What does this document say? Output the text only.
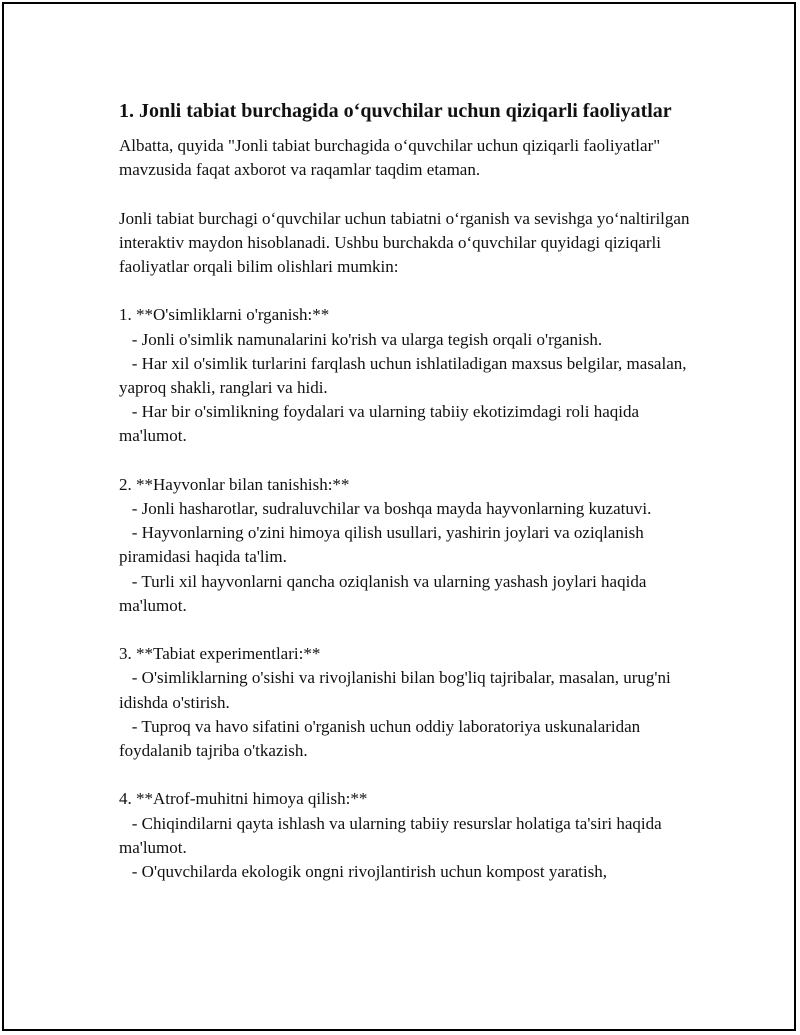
1. Jonli tabiat burchagida o‘quvchilar uchun qiziqarli faoliyatlar

Albatta, quyida "Jonli tabiat burchagida o‘quvchilar uchun qiziqarli faoliyatlar" mavzusida faqat axborot va raqamlar taqdim etaman.

Jonli tabiat burchagi o‘quvchilar uchun tabiatni o‘rganish va sevishga yo‘naltirilgan interaktiv maydon hisoblanadi. Ushbu burchakda o‘quvchilar quyidagi qiziqarli faoliyatlar orqali bilim olishlari mumkin:

1. **O'simliklarni o'rganish:**
- Jonli o'simlik namunalarini ko'rish va ularga tegish orqali o'rganish.
- Har xil o'simlik turlarini farqlash uchun ishlatiladigan maxsus belgilar, masalan, yaproq shakli, ranglari va hidi.
- Har bir o'simlikning foydalari va ularning tabiiy ekotizimdagi roli haqida ma'lumot.

2. **Hayvonlar bilan tanishish:**
- Jonli hasharotlar, sudraluvchilar va boshqa mayda hayvonlarning kuzatuvi.
- Hayvonlarning o'zini himoya qilish usullari, yashirin joylari va oziqlanish piramidasi haqida ta'lim.
- Turli xil hayvonlarni qancha oziqlanish va ularning yashash joylari haqida ma'lumot.

3. **Tabiat experimentlari:**
- O'simliklarning o'sishi va rivojlanishi bilan bog'liq tajribalar, masalan, urug'ni idishda o'stirish.
- Tuproq va havo sifatini o'rganish uchun oddiy laboratoriya uskunalaridan foydalanib tajriba o'tkazish.

4. **Atrof-muhitni himoya qilish:**
- Chiqindilarni qayta ishlash va ularning tabiiy resurslar holatiga ta'siri haqida ma'lumot.
- O'quvchilarda ekologik ongni rivojlantirish uchun kompost yaratish,
